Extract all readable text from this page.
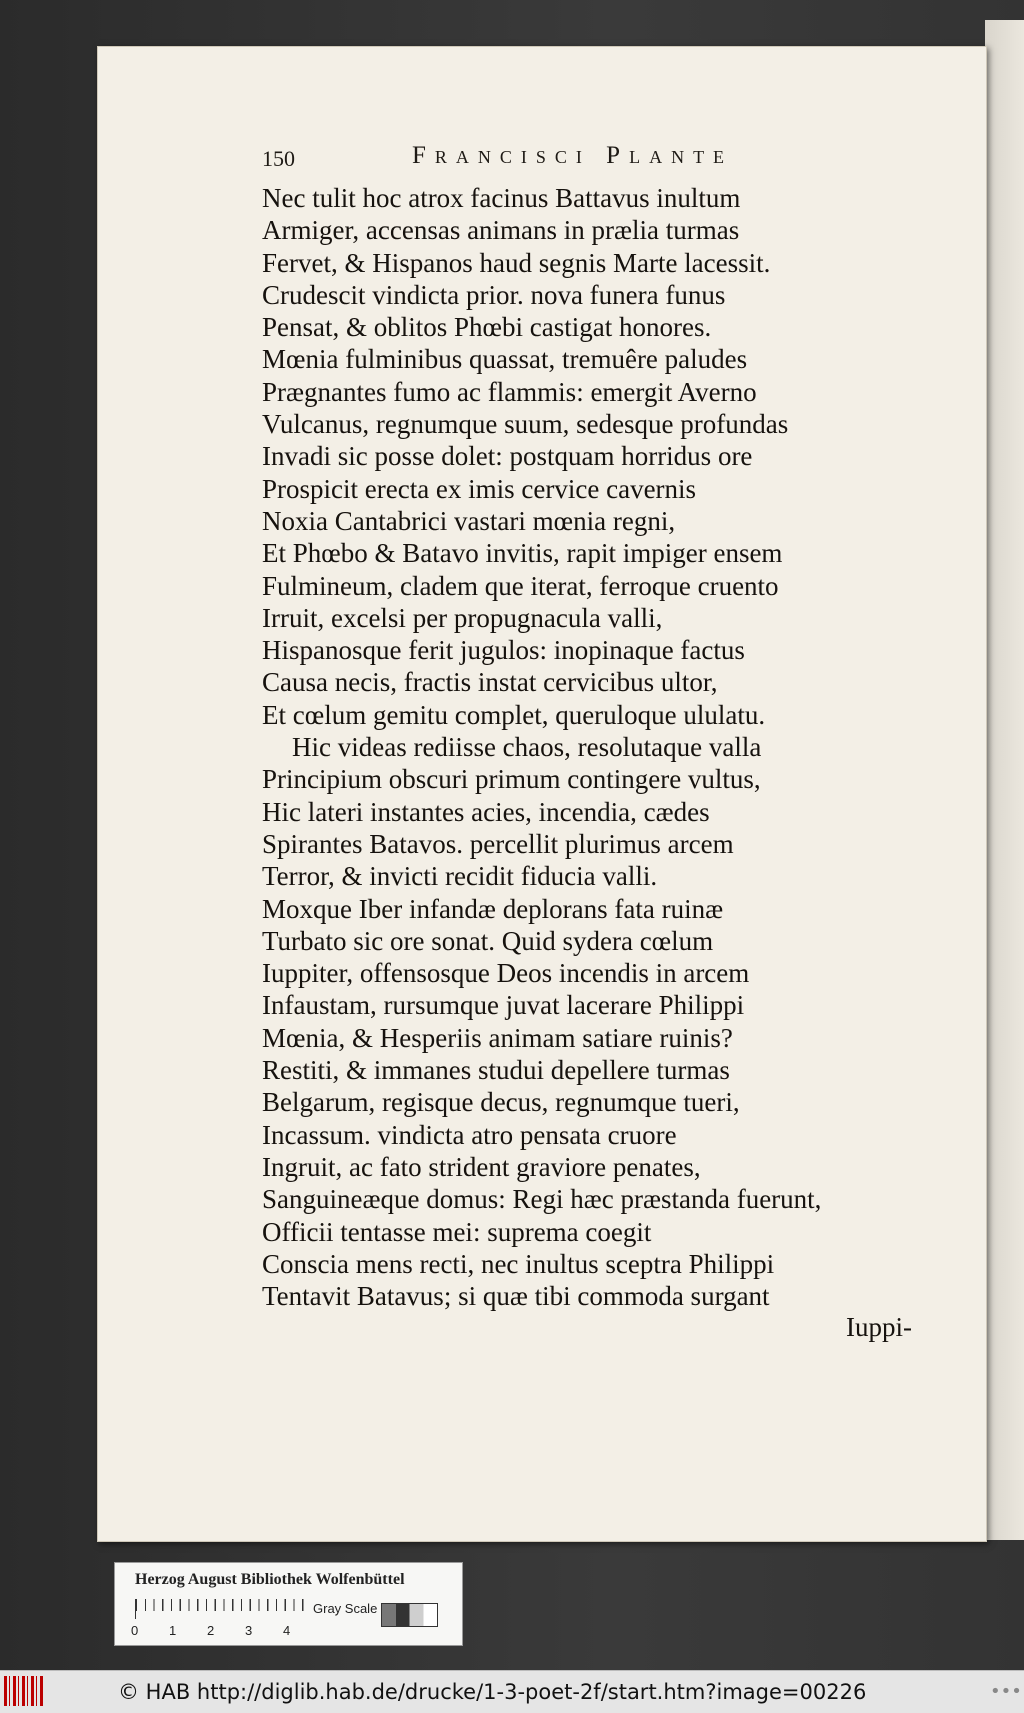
150	Francisci Plante
Nec tulit hoc atrox facinus Battavus inultum
Armiger, accensas animans in prælia turmas
Fervet, & Hispanos haud segnis Marte lacessit.
Crudescit vindicta prior. nova funera funus
Pensat, & oblitos Phœbi castigat honores.
Mœnia fulminibus quassat, tremuêre paludes
Prægnantes fumo ac flammis: emergit Averno
Vulcanus, regnumque suum, sedesque profundas
Invadi sic posse dolet: postquam horridus ore
Prospicit erecta ex imis cervice cavernis
Noxia Cantabrici vastari mœnia regni,
Et Phœbo & Batavo invitis, rapit impiger ensem
Fulmineum, cladem que iterat, ferroque cruento
Irruit, excelsi per propugnacula valli,
Hispanosque ferit jugulos: inopinaque factus
Causa necis, fractis instat cervicibus ultor,
Et cœlum gemitu complet, queruloque ululatu.
Hic videas rediisse chaos, resolutaque valla
Principium obscuri primum contingere vultus,
Hic lateri instantes acies, incendia, cædes
Spirantes Batavos. percellit plurimus arcem
Terror, & invicti recidit fiducia valli.
Moxque Iber infandæ deplorans fata ruinæ
Turbato sic ore sonat. Quid sydera cœlum
Iuppiter, offensosque Deos incendis in arcem
Infaustam, rursumque juvat lacerare Philippi
Mœnia, & Hesperiis animam satiare ruinis?
Restiti, & immanes studui depellere turmas
Belgarum, regisque decus, regnumque tueri,
Incassum. vindicta atro pensata cruore
Ingruit, ac fato strident graviore penates,
Sanguineæque domus: Regi hæc præstanda fuerunt,
Officii tentasse mei: suprema coegit
Conscia mens recti, nec inultus sceptra Philippi
Tentavit Batavus; si quæ tibi commoda surgant
Iuppi-
Herzog August Bibliothek Wolfenbüttel
0 1 2 3 4
Gray Scale
© HAB http://diglib.hab.de/drucke/1-3-poet-2f/start.htm?image=00226	•••
